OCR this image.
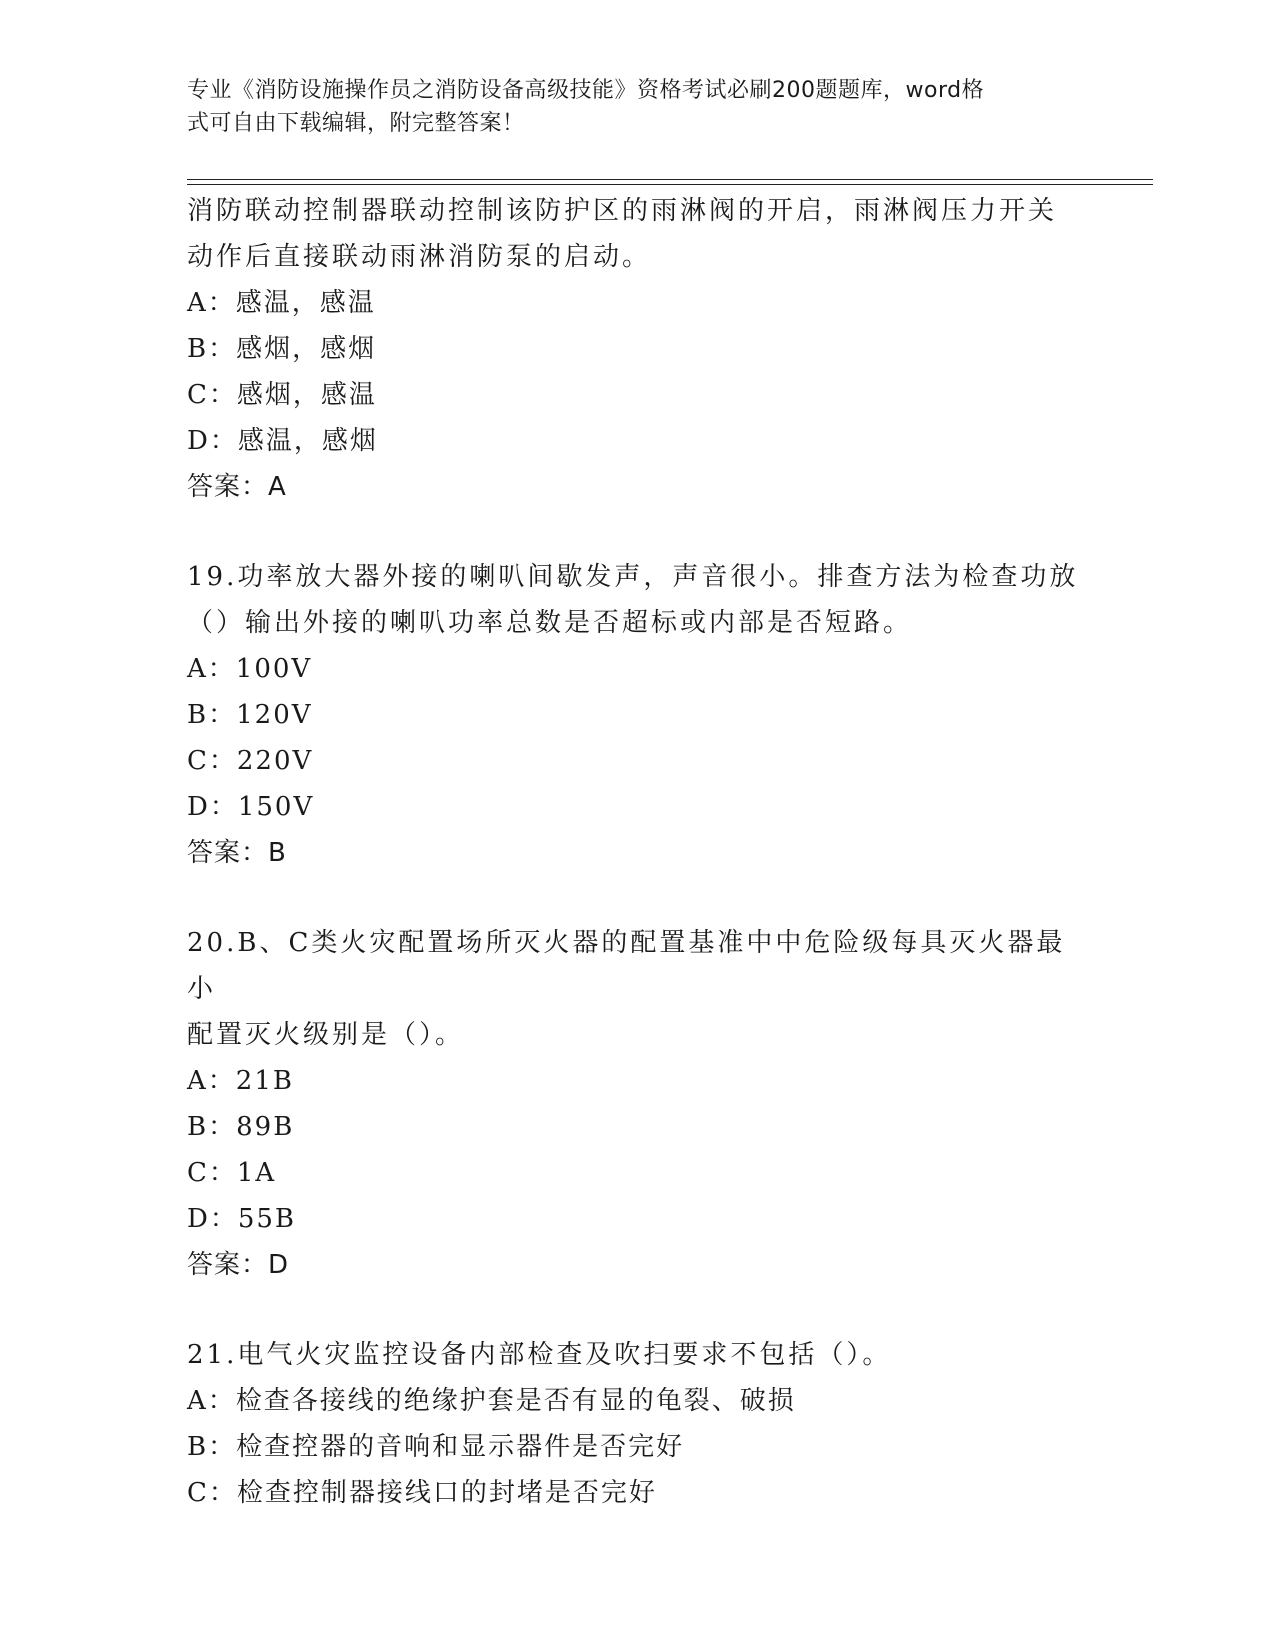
专业《消防设施操作员之消防设备高级技能》资格考试必刷200题题库，word格
式可自由下载编辑，附完整答案！

消防联动控制器联动控制该防护区的雨淋阀的开启，雨淋阀压力开关

动作后直接联动雨淋消防泵的启动。

A：感温，感温

B：感烟，感烟

C：感烟，感温

D：感温，感烟

答案：A

19.功率放大器外接的喇叭间歇发声，声音很小。排查方法为检查功放

（）输出外接的喇叭功率总数是否超标或内部是否短路。

A：100V

B：120V

C：220V

D：150V

答案：B

20.B、C类火灾配置场所灭火器的配置基准中中危险级每具灭火器最小

配置灭火级别是（）。

A：21B

B：89B

C：1A

D：55B

答案：D

21.电气火灾监控设备内部检查及吹扫要求不包括（）。

A：检查各接线的绝缘护套是否有显的龟裂、破损

B：检查控器的音响和显示器件是否完好

C：检查控制器接线口的封堵是否完好
